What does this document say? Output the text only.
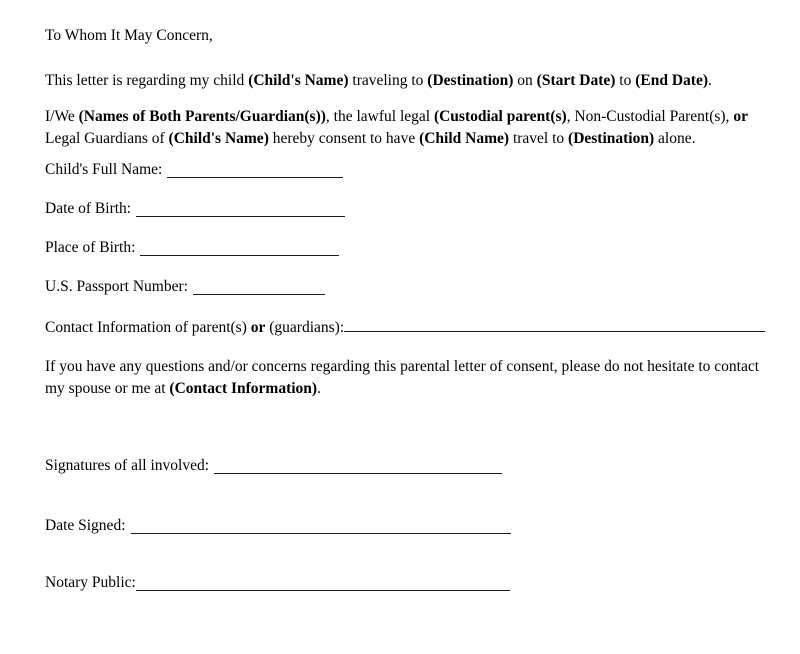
To Whom It May Concern,

This letter is regarding my child (Child's Name) traveling to (Destination) on (Start Date) to (End Date).

I/We (Names of Both Parents/Guardian(s)), the lawful legal (Custodial parent(s), Non-Custodial Parent(s), or Legal Guardians of (Child's Name) hereby consent to have (Child Name) travel to (Destination) alone.

Child's Full Name:
Date of Birth:
Place of Birth:
U.S. Passport Number:
Contact Information of parent(s) or (guardians):

If you have any questions and/or concerns regarding this parental letter of consent, please do not hesitate to contact my spouse or me at (Contact Information).

Signatures of all involved:
Date Signed:
Notary Public:
